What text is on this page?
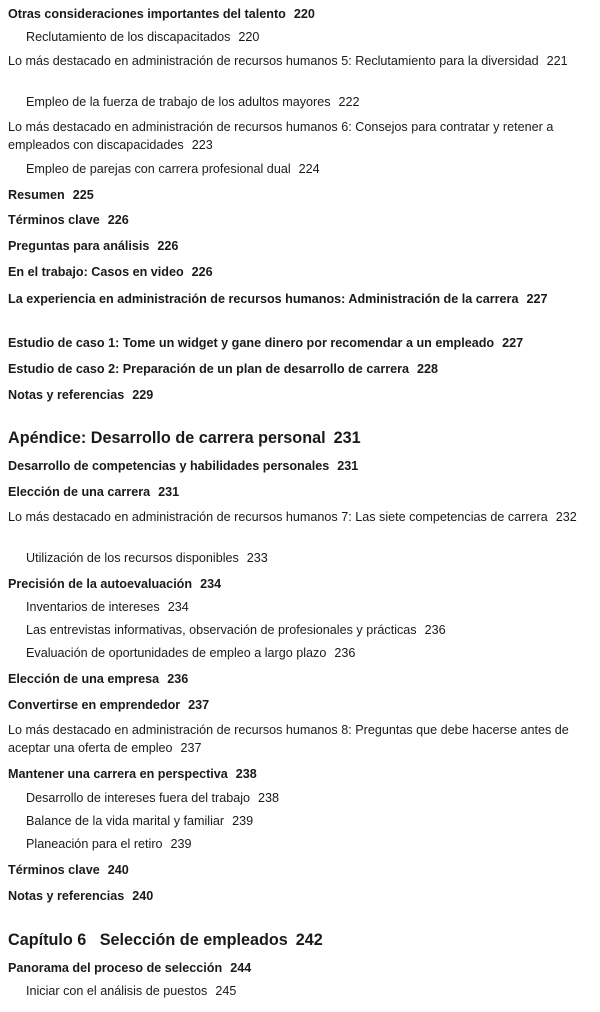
Otras consideraciones importantes del talento 220
Reclutamiento de los discapacitados 220
Lo más destacado en administración de recursos humanos 5: Reclutamiento para la diversidad 221
Empleo de la fuerza de trabajo de los adultos mayores 222
Lo más destacado en administración de recursos humanos 6: Consejos para contratar y retener a empleados con discapacidades 223
Empleo de parejas con carrera profesional dual 224
Resumen 225
Términos clave 226
Preguntas para análisis 226
En el trabajo: Casos en video 226
La experiencia en administración de recursos humanos: Administración de la carrera 227
Estudio de caso 1: Tome un widget y gane dinero por recomendar a un empleado 227
Estudio de caso 2: Preparación de un plan de desarrollo de carrera 228
Notas y referencias 229
Apéndice: Desarrollo de carrera personal 231
Desarrollo de competencias y habilidades personales 231
Elección de una carrera 231
Lo más destacado en administración de recursos humanos 7: Las siete competencias de carrera 232
Utilización de los recursos disponibles 233
Precisión de la autoevaluación 234
Inventarios de intereses 234
Las entrevistas informativas, observación de profesionales y prácticas 236
Evaluación de oportunidades de empleo a largo plazo 236
Elección de una empresa 236
Convertirse en emprendedor 237
Lo más destacado en administración de recursos humanos 8: Preguntas que debe hacerse antes de aceptar una oferta de empleo 237
Mantener una carrera en perspectiva 238
Desarrollo de intereses fuera del trabajo 238
Balance de la vida marital y familiar 239
Planeación para el retiro 239
Términos clave 240
Notas y referencias 240
Capítulo 6   Selección de empleados 242
Panorama del proceso de selección 244
Iniciar con el análisis de puestos 245
